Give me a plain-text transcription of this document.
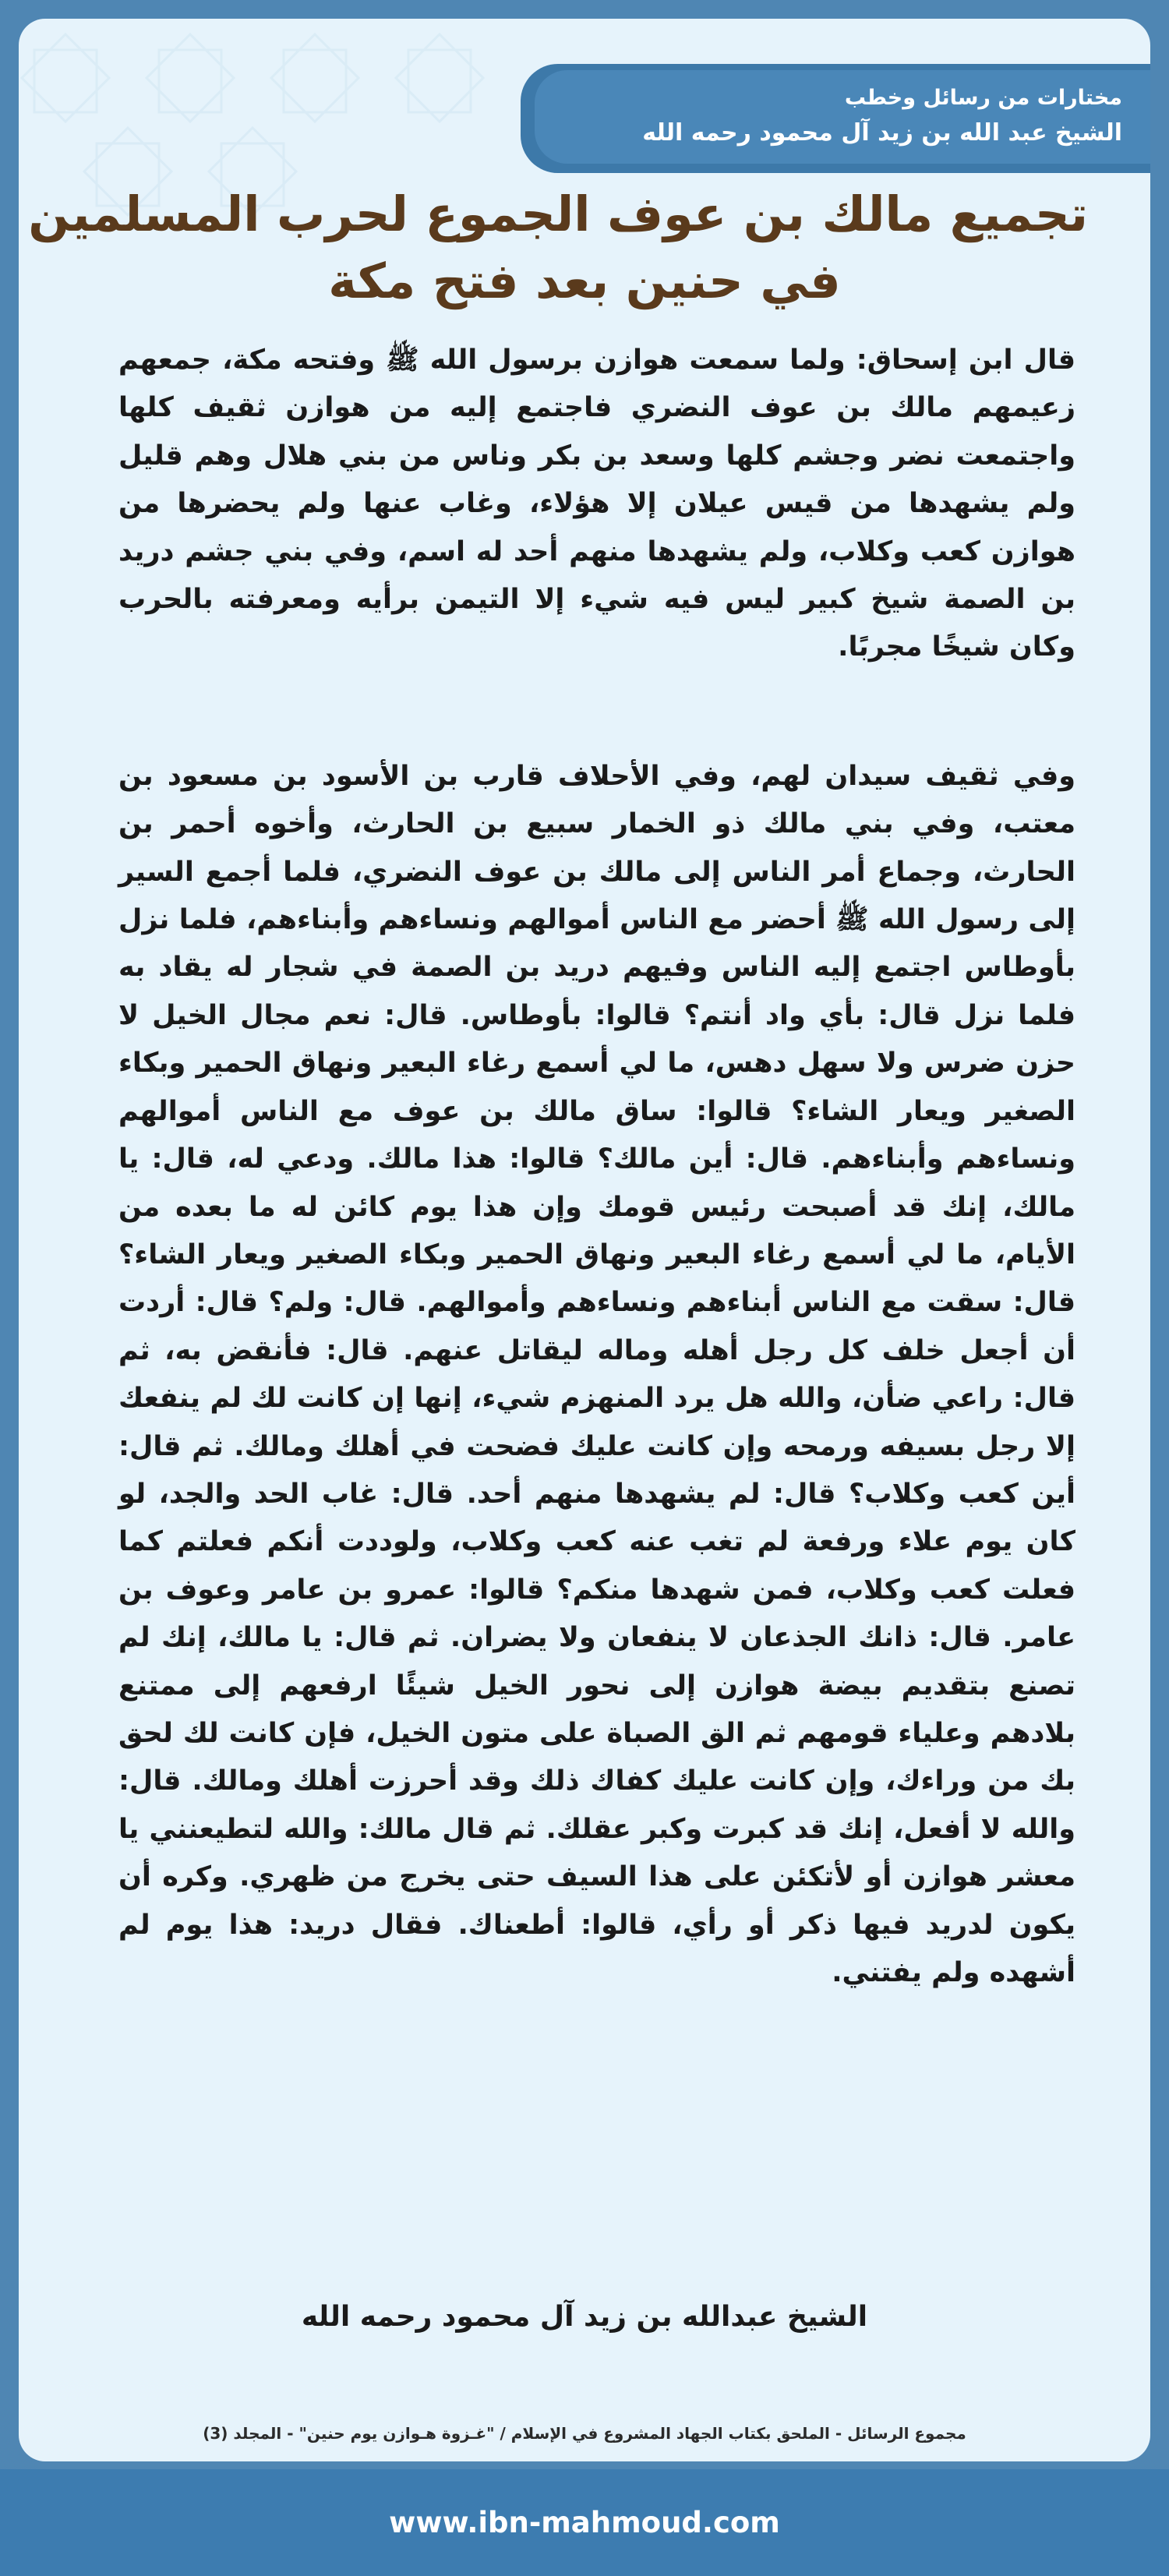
مختارات من رسائل وخطب
الشيخ عبد الله بن زيد آل محمود رحمه الله
تجميع مالك بن عوف الجموع لحرب المسلمين
في حنين بعد فتح مكة

قال ابن إسحاق: ولما سمعت هوازن برسول الله ﷺ وفتحه مكة، جمعهم زعيمهم مالك بن عوف النضري فاجتمع إليه من هوازن ثقيف كلها واجتمعت نضر وجشم كلها وسعد بن بكر وناس من بني هلال وهم قليل ولم يشهدها من قيس عيلان إلا هؤلاء، وغاب عنها ولم يحضرها من هوازن كعب وكلاب، ولم يشهدها منهم أحد له اسم، وفي بني جشم دريد بن الصمة شيخ كبير ليس فيه شيء إلا التيمن برأيه ومعرفته بالحرب وكان شيخًا مجربًا.

وفي ثقيف سيدان لهم، وفي الأحلاف قارب بن الأسود بن مسعود بن معتب، وفي بني مالك ذو الخمار سبيع بن الحارث، وأخوه أحمر بن الحارث، وجماع أمر الناس إلى مالك بن عوف النضري، فلما أجمع السير إلى رسول الله ﷺ أحضر مع الناس أموالهم ونساءهم وأبناءهم، فلما نزل بأوطاس اجتمع إليه الناس وفيهم دريد بن الصمة في شجار له يقاد به فلما نزل قال: بأي واد أنتم؟ قالوا: بأوطاس. قال: نعم مجال الخيل لا حزن ضرس ولا سهل دهس، ما لي أسمع رغاء البعير ونهاق الحمير وبكاء الصغير ويعار الشاء؟ قالوا: ساق مالك بن عوف مع الناس أموالهم ونساءهم وأبناءهم. قال: أين مالك؟ قالوا: هذا مالك. ودعي له، قال: يا مالك، إنك قد أصبحت رئيس قومك وإن هذا يوم كائن له ما بعده من الأيام، ما لي أسمع رغاء البعير ونهاق الحمير وبكاء الصغير ويعار الشاء؟ قال: سقت مع الناس أبناءهم ونساءهم وأموالهم. قال: ولم؟ قال: أردت أن أجعل خلف كل رجل أهله وماله ليقاتل عنهم. قال: فأنقض به، ثم قال: راعي ضأن، والله هل يرد المنهزم شيء، إنها إن كانت لك لم ينفعك إلا رجل بسيفه ورمحه وإن كانت عليك فضحت في أهلك ومالك. ثم قال: أين كعب وكلاب؟ قال: لم يشهدها منهم أحد. قال: غاب الحد والجد، لو كان يوم علاء ورفعة لم تغب عنه كعب وكلاب، ولوددت أنكم فعلتم كما فعلت كعب وكلاب، فمن شهدها منكم؟ قالوا: عمرو بن عامر وعوف بن عامر. قال: ذانك الجذعان لا ينفعان ولا يضران. ثم قال: يا مالك، إنك لم تصنع بتقديم بيضة هوازن إلى نحور الخيل شيئًا ارفعهم إلى ممتنع بلادهم وعلياء قومهم ثم الق الصباة على متون الخيل، فإن كانت لك لحق بك من وراءك، وإن كانت عليك كفاك ذلك وقد أحرزت أهلك ومالك. قال: والله لا أفعل، إنك قد كبرت وكبر عقلك. ثم قال مالك: والله لتطيعنني يا معشر هوازن أو لأتكئن على هذا السيف حتى يخرج من ظهري. وكره أن يكون لدريد فيها ذكر أو رأي، قالوا: أطعناك. فقال دريد: هذا يوم لم أشهده ولم يفتني.

الشيخ عبدالله بن زيد آل محمود رحمه الله
مجموع الرسائل - الملحق بكتاب الجهاد المشروع في الإسلام / "غـزوة هـوازن يوم حنين" - المجلد (3)
www.ibn-mahmoud.com
